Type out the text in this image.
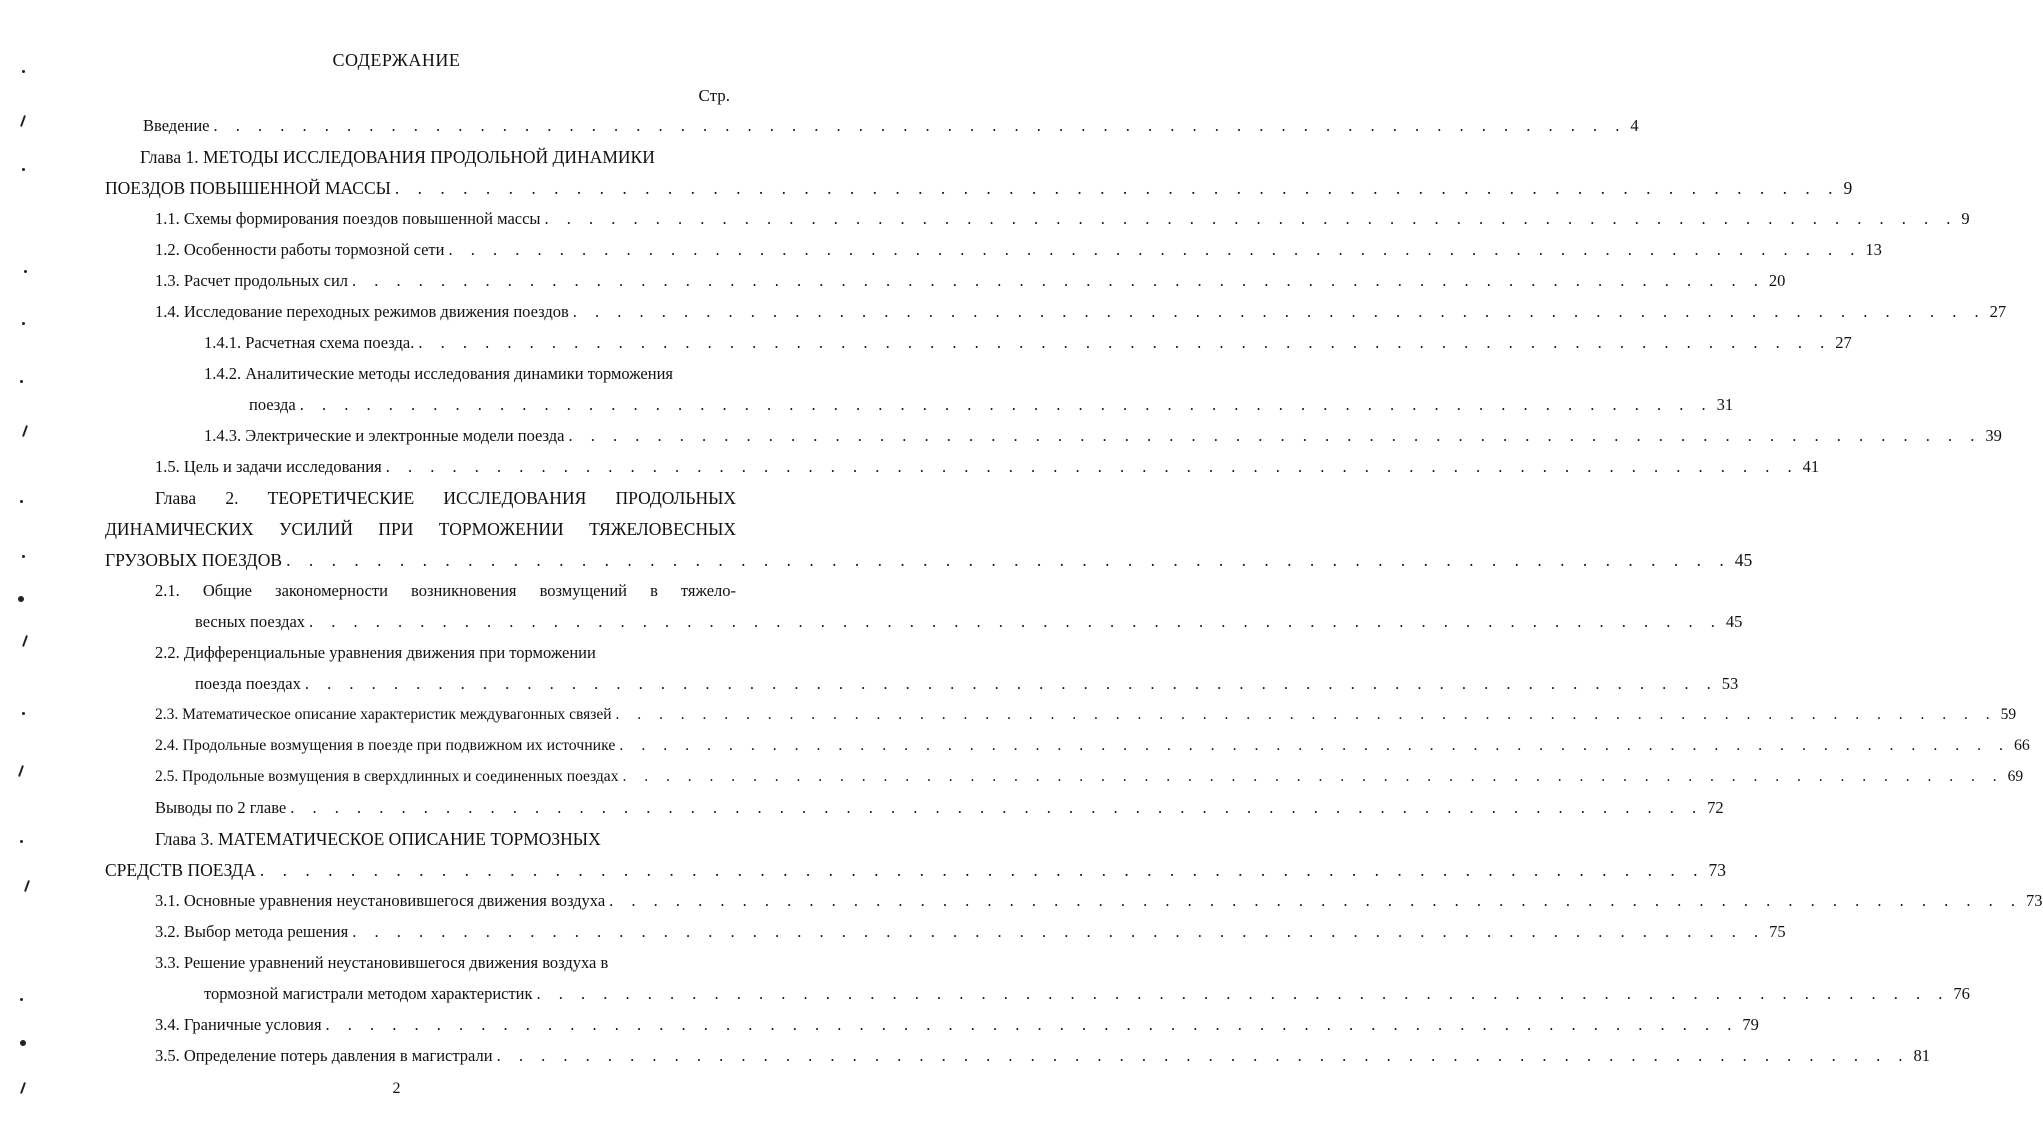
СОДЕРЖАНИЕ
Стр.
Введение . . . . . . . . . . . . . . . . . . . . . . . . . . . . . . . . . . . . . . . . . . . . . . . . . . . . . . . . . . . . . . . . 4
Глава 1. МЕТОДЫ ИССЛЕДОВАНИЯ ПРОДОЛЬНОЙ ДИНАМИКИ
ПОЕЗДОВ ПОВЫШЕННОЙ МАССЫ . . . . . . . . . . . . . . . . . . . . . . . . . . . . . . . . . . . . . . . . . . . . . . . . . . . . . . . . . . . . . . . . 9
1.1. Схемы формирования поездов повышенной массы . . . . . . . . . . . . . . . . . . . . . . . . . . . . . . . . . . . . . . . . . . . . . . . . . . . . . . . . . . . . . . . . 9
1.2. Особенности работы тормозной сети . . . . . . . . . . . . . . . . . . . . . . . . . . . . . . . . . . . . . . . . . . . . . . . . . . . . . . . . . . . . . . . . 13
1.3. Расчет продольных сил . . . . . . . . . . . . . . . . . . . . . . . . . . . . . . . . . . . . . . . . . . . . . . . . . . . . . . . . . . . . . . . . 20
1.4. Исследование переходных режимов движения поездов . . . . . . . . . . . . . . . . . . . . . . . . . . . . . . . . . . . . . . . . . . . . . . . . . . . . . . . . . . . . . . . . 27
1.4.1. Расчетная схема поезда. . . . . . . . . . . . . . . . . . . . . . . . . . . . . . . . . . . . . . . . . . . . . . . . . . . . . . . . . . . . . . . . . 27
1.4.2. Аналитические методы исследования динамики торможения
поезда . . . . . . . . . . . . . . . . . . . . . . . . . . . . . . . . . . . . . . . . . . . . . . . . . . . . . . . . . . . . . . . . 31
1.4.3. Электрические и электронные модели поезда . . . . . . . . . . . . . . . . . . . . . . . . . . . . . . . . . . . . . . . . . . . . . . . . . . . . . . . . . . . . . . . . 39
1.5. Цель и задачи исследования . . . . . . . . . . . . . . . . . . . . . . . . . . . . . . . . . . . . . . . . . . . . . . . . . . . . . . . . . . . . . . . . 41
Глава 2. ТЕОРЕТИЧЕСКИЕ ИССЛЕДОВАНИЯ ПРОДОЛЬНЫХ
ДИНАМИЧЕСКИХ УСИЛИЙ ПРИ ТОРМОЖЕНИИ ТЯЖЕЛОВЕСНЫХ
ГРУЗОВЫХ ПОЕЗДОВ . . . . . . . . . . . . . . . . . . . . . . . . . . . . . . . . . . . . . . . . . . . . . . . . . . . . . . . . . . . . . . . . 45
2.1. Общие закономерности возникновения возмущений в тяжело-
весных поездах . . . . . . . . . . . . . . . . . . . . . . . . . . . . . . . . . . . . . . . . . . . . . . . . . . . . . . . . . . . . . . . . 45
2.2. Дифференциальные уравнения движения при торможении
поезда поездах . . . . . . . . . . . . . . . . . . . . . . . . . . . . . . . . . . . . . . . . . . . . . . . . . . . . . . . . . . . . . . . . 53
2.3. Математическое описание характеристик междувагонных связей . . . . . . . . . . . . . . . . . . . . . . . . . . . . . . . . . . . . . . . . . . . . . . . . . . . . . . . . . . . . . . . . 59
2.4. Продольные возмущения в поезде при подвижном их источнике . . . . . . . . . . . . . . . . . . . . . . . . . . . . . . . . . . . . . . . . . . . . . . . . . . . . . . . . . . . . . . . . 66
2.5. Продольные возмущения в сверхдлинных и соединенных поездах . . . . . . . . . . . . . . . . . . . . . . . . . . . . . . . . . . . . . . . . . . . . . . . . . . . . . . . . . . . . . . . . 69
Выводы по 2 главе . . . . . . . . . . . . . . . . . . . . . . . . . . . . . . . . . . . . . . . . . . . . . . . . . . . . . . . . . . . . . . . . 72
Глава 3. МАТЕМАТИЧЕСКОЕ ОПИСАНИЕ ТОРМОЗНЫХ
СРЕДСТВ ПОЕЗДА . . . . . . . . . . . . . . . . . . . . . . . . . . . . . . . . . . . . . . . . . . . . . . . . . . . . . . . . . . . . . . . . 73
3.1. Основные уравнения неустановившегося движения воздуха . . . . . . . . . . . . . . . . . . . . . . . . . . . . . . . . . . . . . . . . . . . . . . . . . . . . . . . . . . . . . . . . 73
3.2. Выбор метода решения . . . . . . . . . . . . . . . . . . . . . . . . . . . . . . . . . . . . . . . . . . . . . . . . . . . . . . . . . . . . . . . . 75
3.3. Решение уравнений неустановившегося движения воздуха в
тормозной магистрали методом характеристик . . . . . . . . . . . . . . . . . . . . . . . . . . . . . . . . . . . . . . . . . . . . . . . . . . . . . . . . . . . . . . . . 76
3.4. Граничные условия . . . . . . . . . . . . . . . . . . . . . . . . . . . . . . . . . . . . . . . . . . . . . . . . . . . . . . . . . . . . . . . . 79
3.5. Определение потерь давления в магистрали . . . . . . . . . . . . . . . . . . . . . . . . . . . . . . . . . . . . . . . . . . . . . . . . . . . . . . . . . . . . . . . . 81
2
